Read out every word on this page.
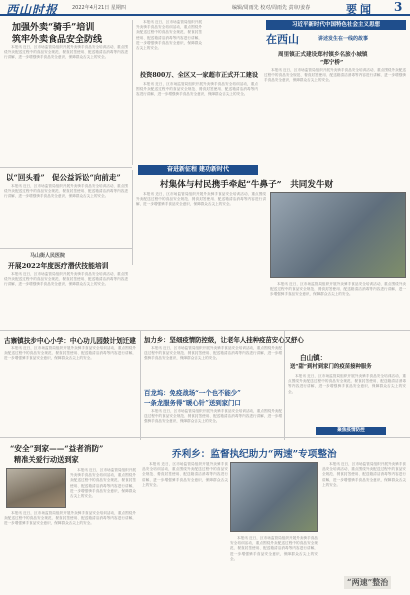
西山时报	2022年4月21日 星期四	编辑/周雨先 校对/周雨先 责审/姜春	要闻 3
加强外卖“骑手”培训
筑牢外卖食品安全防线

本报讯 近日，区市场监管局组织开展外卖骑手食品安全培训活动，重点围绕外卖配送过程中的食品安全规范、餐食封签使用、配送箱清洁消毒等内容进行讲解，进一步增强骑手食品安全意识，保障群众舌尖上的安全。

本报讯 近日，区市场监管局组织开展外卖骑手食品安全培训活动，重点围绕外卖配送过程中的食品安全规范、餐食封签使用、配送箱清洁消毒等内容进行讲解，进一步增强骑手食品安全意识，保障群众舌尖上的安全。

投资800万、全区又一家超市正式开工建设

本报讯 近日，区市场监管局组织开展外卖骑手食品安全培训活动，重点围绕外卖配送过程中的食品安全规范、餐食封签使用、配送箱清洁消毒等内容进行讲解，进一步增强骑手食品安全意识，保障群众舌尖上的安全。

习近平新时代中国特色社会主义思想
在西山	讲述发生在一线的故事
周里镇正式建设郑村镇乡名旅小城镇
“郑宁桥”

本报讯 近日，区市场监管局组织开展外卖骑手食品安全培训活动，重点围绕外卖配送过程中的食品安全规范、餐食封签使用、配送箱清洁消毒等内容进行讲解，进一步增强骑手食品安全意识，保障群众舌尖上的安全。

以“回头看” 促公益诉讼“向前走”

本报讯 近日，区市场监管局组织开展外卖骑手食品安全培训活动，重点围绕外卖配送过程中的食品安全规范、餐食封签使用、配送箱清洁消毒等内容进行讲解，进一步增强骑手食品安全意识，保障群众舌尖上的安全。

奋进新征程 建功新时代
村集体与村民携手牵起“牛鼻子”　共同发牛财

本报讯 近日，区市场监管局组织开展外卖骑手食品安全培训活动，重点围绕外卖配送过程中的食品安全规范、餐食封签使用、配送箱清洁消毒等内容进行讲解，进一步增强骑手食品安全意识，保障群众舌尖上的安全。

本报讯 近日，区市场监管局组织开展外卖骑手食品安全培训活动，重点围绕外卖配送过程中的食品安全规范、餐食封签使用、配送箱清洁消毒等内容进行讲解，进一步增强骑手食品安全意识，保障群众舌尖上的安全。

马山街人民医院
开展2022年度医疗潜伏技能培训

本报讯 近日，区市场监管局组织开展外卖骑手食品安全培训活动，重点围绕外卖配送过程中的食品安全规范、餐食封签使用、配送箱清洁消毒等内容进行讲解，进一步增强骑手食品安全意识，保障群众舌尖上的安全。

加力乡：坚细疫情防控级，让老年人挂种疫苗安心又舒心

本报讯 近日，区市场监管局组织开展外卖骑手食品安全培训活动，重点围绕外卖配送过程中的食品安全规范、餐食封签使用、配送箱清洁消毒等内容进行讲解，进一步增强骑手食品安全意识，保障群众舌尖上的安全。

古寨镇扶步中心小学：中心功儿园鼓计划迁建

本报讯 近日，区市场监管局组织开展外卖骑手食品安全培训活动，重点围绕外卖配送过程中的食品安全规范、餐食封签使用、配送箱清洁消毒等内容进行讲解，进一步增强骑手食品安全意识，保障群众舌尖上的安全。

百龙坞：免疫战场“一个也不能少”
一条龙服务得“暖心针”送到家门口

本报讯 近日，区市场监管局组织开展外卖骑手食品安全培训活动，重点围绕外卖配送过程中的食品安全规范、餐食封签使用、配送箱清洁消毒等内容进行讲解，进一步增强骑手食品安全意识，保障群众舌尖上的安全。

白山镇：
送“甜”到村到家门的疫苗接种服务

本报讯 近日，区市场监管局组织开展外卖骑手食品安全培训活动，重点围绕外卖配送过程中的食品安全规范、餐食封签使用、配送箱清洁消毒等内容进行讲解，进一步增强骑手食品安全意识，保障群众舌尖上的安全。

聚焦疫情防控
“安全”到家——“益者消防”
精准关爱行动送到家

本报讯 近日，区市场监管局组织开展外卖骑手食品安全培训活动，重点围绕外卖配送过程中的食品安全规范、餐食封签使用、配送箱清洁消毒等内容进行讲解，进一步增强骑手食品安全意识，保障群众舌尖上的安全。

本报讯 近日，区市场监管局组织开展外卖骑手食品安全培训活动，重点围绕外卖配送过程中的食品安全规范、餐食封签使用、配送箱清洁消毒等内容进行讲解，进一步增强骑手食品安全意识，保障群众舌尖上的安全。

乔利乡：监督执纪助力“两速”专项整治

本报讯 近日，区市场监管局组织开展外卖骑手食品安全培训活动，重点围绕外卖配送过程中的食品安全规范、餐食封签使用、配送箱清洁消毒等内容进行讲解，进一步增强骑手食品安全意识，保障群众舌尖上的安全。

本报讯 近日，区市场监管局组织开展外卖骑手食品安全培训活动，重点围绕外卖配送过程中的食品安全规范、餐食封签使用、配送箱清洁消毒等内容进行讲解，进一步增强骑手食品安全意识，保障群众舌尖上的安全。

本报讯 近日，区市场监管局组织开展外卖骑手食品安全培训活动，重点围绕外卖配送过程中的食品安全规范、餐食封签使用、配送箱清洁消毒等内容进行讲解，进一步增强骑手食品安全意识，保障群众舌尖上的安全。

“两速”整治
